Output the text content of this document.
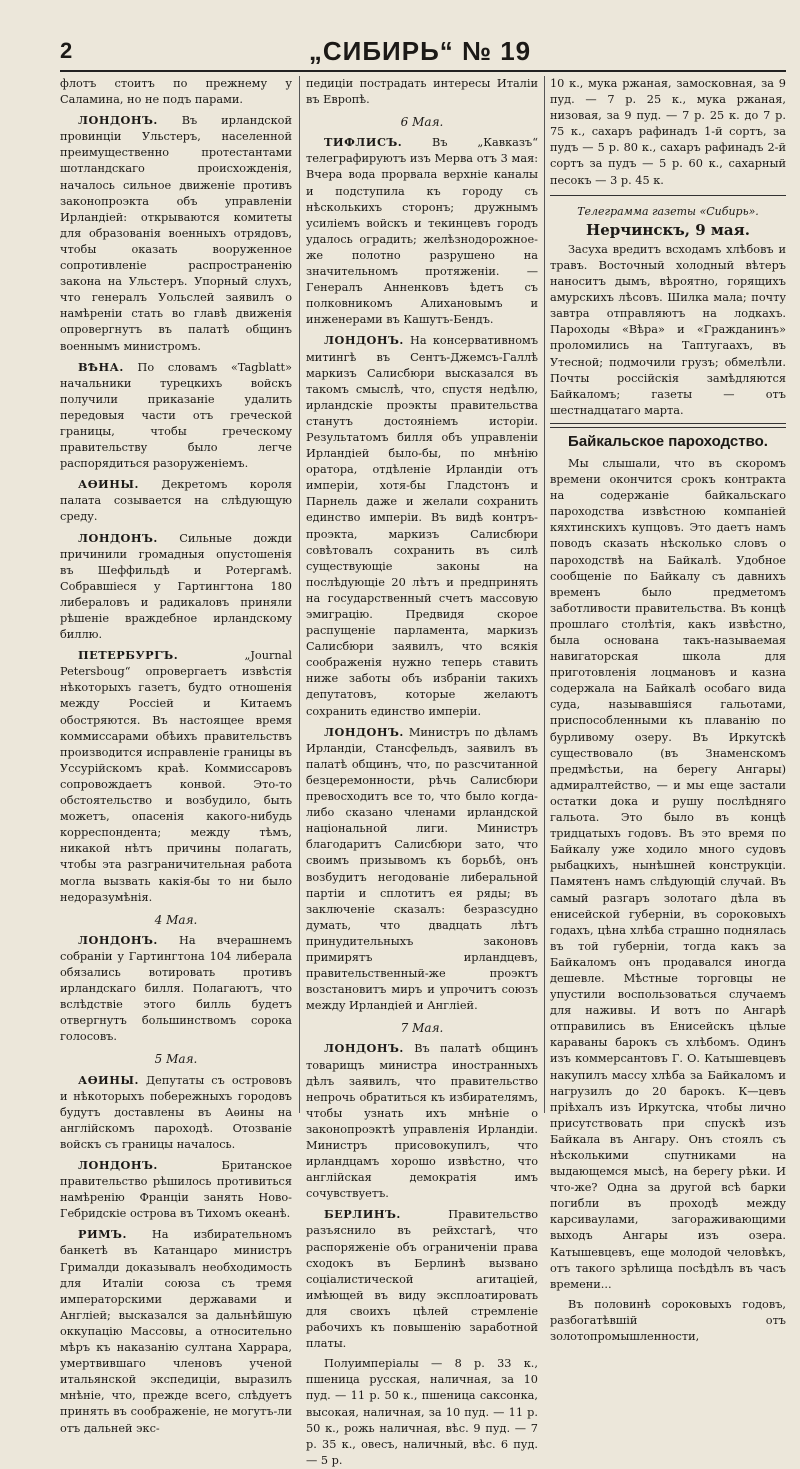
2	„СИБИРЬ“ № 19

флотъ стоитъ по прежнему у Саламина, но не подъ парами.

ЛОНДОНЪ. Въ ирландской провинціи Ульстеръ, населенной преимущественно протестантами шотландскаго происхожденія, началось сильное движеніе противъ законопроэкта объ управленіи Ирландіей: открываются комитеты для образованія военныхъ отрядовъ, чтобы оказать вооруженное сопротивленіе распространенію закона на Ульстеръ. Упорный слухъ, что генералъ Уольслей заявилъ о намѣреніи стать во главѣ движенія опровергнутъ въ палатѣ общинъ военнымъ министромъ.

ВѢНА. По словамъ «Tagblatt» начальники турецкихъ войскъ получили приказаніе удалить передовыя части отъ греческой границы, чтобы греческому правительству было легче распорядиться разоруженіемъ.

АѲИНЫ. Декретомъ короля палата созывается на слѣдующую среду.

ЛОНДОНЪ. Сильные дожди причинили громадныя опустошенія въ Шеффильдѣ и Ротергамѣ. Собравшiеся у Гартингтона 180 либераловъ и радикаловъ приняли рѣшеніе враждебное ирландскому биллю.

ПЕТЕРБУРГЪ.	„Journal Petersboug“ опровергаетъ извѣстія нѣкоторыхъ газетъ, будто отношенія между Россiей и Китаемъ обостряются. Въ настоящее время коммиссарами обѣихъ правительствъ производится исправленіе границы въ Уссурійскомъ краѣ. Коммиссаровъ сопровождаетъ конвой. Это-то обстоятельство и возбудило, быть можетъ, опасенія какого-нибудь корреспондента; между тѣмъ, никакой нѣтъ причины полагать, чтобы эта разграничительная работа могла вызвать какiя-бы то ни было недоразумѣнія.

4 Мая.

ЛОНДОНЪ. На вчерашнемъ собраніи у Гартингтона 104 либерала обязались вотировать противъ ирландскаго билля. Полагаютъ, что вслѣдствіе этого билль будетъ отвергнутъ большинствомъ сорока голосовъ.

5 Мая.

АѲИНЫ. Депутаты съ острововъ и нѣкоторыхъ побережныхъ городовъ будутъ доставлены въ Аѳины на англійскомъ пароходѣ. Отозваніе войскъ съ границы началось.

ЛОНДОНЪ.	Британское правительство рѣшилось противиться намѣренію Франціи занять Ново-Гебридскіе острова въ Тихомъ океанѣ.

РИМЪ. На избирательномъ банкетѣ въ Катанцаро министръ Грималди доказывалъ необходимость для Италіи союза съ тремя императорскими державами и Англіей; высказался за дальнѣйшую оккупацію Массовы, а относительно мѣръ къ наказанію султана Харрара, умертвившаго членовъ ученой итальянской экспедиціи, выразилъ мнѣніе, что, прежде всего, слѣдуетъ принять въ соображеніе, не могутъ-ли отъ дальней экс-

педиціи пострадать интересы Италіи въ Европѣ.

6 Мая.

ТИФЛИСЪ.	Въ „Кавказъ“ телеграфируютъ изъ Мерва отъ 3 мая: Вчера вода прорвала верхніе каналы и подступила къ городу съ нѣсколькихъ сторонъ; дружнымъ усиліемъ войскъ и текинцевъ городъ удалось оградить; желѣзнодорожное-же полотно разрушено на значительномъ протяженіи. — Генералъ Анненковъ ѣдетъ съ полковникомъ Алихановымъ и инженерами въ Кашутъ-Бендъ.

ЛОНДОНЪ. На консервативномъ митингѣ въ Сентъ-Джемсъ-Галлѣ маркизъ Салисбюри высказался въ такомъ смыслѣ, что, спустя недѣлю, ирландскіе проэкты правительства станутъ достояніемъ исторіи. Результатомъ билля объ управленіи Ирландіей было-бы, по мнѣнію оратора, отдѣленіе Ирландіи отъ имперіи, хотя-бы Гладстонъ и Парнель даже и желали сохранить единство имперіи. Въ видѣ контръ-проэкта, маркизъ Салисбюри совѣтовалъ сохранить въ силѣ существующіе законы на послѣдующіе 20 лѣтъ и предпринять на государственный счетъ массовую эмиграцію. Предвидя скорое распущеніе парламента, маркизъ Салисбюри заявилъ, что всякія соображенія нужно теперь ставить ниже заботы объ избраніи такихъ депутатовъ, которые желаютъ сохранить единство имперіи.

ЛОНДОНЪ. Министръ по дѣламъ Ирландіи, Стансфельдъ, заявилъ въ палатѣ общинъ, что, по разсчитанной безцеремонности, рѣчь Салисбюри превосходитъ все то, что было когда-либо сказано членами ирландской національной лиги. Министръ благодаритъ Салисбюри зато, что своимъ призывомъ къ борьбѣ, онъ возбудитъ негодованіе либеральной партіи и сплотитъ ея ряды; въ заключеніе сказалъ: безразсудно думать, что двадцать лѣтъ принудительныхъ законовъ примирятъ ирландцевъ, правительственный-же проэктъ возстановитъ миръ и упрочитъ союзъ между Ирландіей и Англіей.

7 Мая.

ЛОНДОНЪ. Въ палатѣ общинъ товарищъ министра иностранныхъ дѣлъ заявилъ, что правительство непрочь обратиться къ избирателямъ, чтобы узнать ихъ мнѣніе о законопроэктѣ управленія Ирландіи. Министръ присовокупилъ, что ирландцамъ хорошо извѣстно, что англійская демократія имъ сочувствуетъ.

БЕРЛИНЪ.	Правительство разъяснило въ рейхстагѣ, что распоряженіе объ ограниченіи права сходокъ въ Берлинѣ вызвано соціалистической агитаціей, имѣющей въ виду эксплоатировать для своихъ цѣлей стремленіе рабочихъ къ повышенію заработной платы.

Полуимперіалы — 8 р. 33 к., пшеница русская, наличная, за 10 пуд. — 11 р. 50 к., пшеница саксонка, высокая, наличная, за 10 пуд. — 11 р. 50 к., рожь наличная, вѣс. 9 пуд. — 7 р. 35 к., овесъ, наличный, вѣс. 6 пуд. — 5 р.

10 к., мука ржаная, замосковная, за 9 пуд. — 7 р. 25 к., мука ржаная, низовая, за 9 пуд. — 7 р. 25 к. до 7 р. 75 к., сахаръ рафинадъ 1-й сортъ, за пудъ — 5 р. 80 к., сахаръ рафинадъ 2-й сортъ за пудъ — 5 р. 60 к., сахарный песокъ — 3 р. 45 к.

Телеграмма газеты «Сибирь».
Нерчинскъ, 9 мая.

Засуха вредитъ всходамъ хлѣбовъ и травъ. Восточный холодный вѣтеръ наноситъ дымъ, вѣроятно, горящихъ амурскихъ лѣсовъ. Шилка мала; почту завтра отправляютъ на лодкахъ. Пароходы «Вѣра» и «Гражданинъ» проломились на Таптугаахъ, въ Утесной; подмочили грузъ; обмелѣли. Почты россійскія замѣдляются Байкаломъ; газеты — отъ шестнадцатаго марта.

Байкальское пароходство.

Мы слышали, что въ скоромъ времени окончится срокъ контракта на содержаніе байкальскаго пароходства извѣстною компаніей кяхтинскихъ купцовъ. Это даетъ намъ поводъ сказать нѣсколько словъ о пароходствѣ на Байкалѣ. Удобное сообщеніе по Байкалу съ давнихъ временъ было предметомъ заботливости правительства. Въ концѣ прошлаго столѣтія, какъ извѣстно, была основана такъ-называемая навигаторская школа для приготовленія лоцмановъ и казна содержала на Байкалѣ особаго вида суда, называвшіяся гальотами, приспособленными къ плаванію по бурливому озеру. Въ Иркутскѣ существовало (въ Знаменскомъ предмѣстьи, на берегу Ангары) адмиралтейство, — и мы еще застали остатки дока и рушу послѣдняго гальота. Это было въ концѣ тридцатыхъ годовъ. Въ это время по Байкалу уже ходило много судовъ рыбацкихъ, нынѣшней конструкціи. Памятенъ намъ слѣдующій случай. Въ самый разгаръ золотаго дѣла въ енисейской губерніи, въ сороковыхъ годахъ, цѣна хлѣба страшно поднялась въ той губерніи, тогда какъ за Байкаломъ онъ продавался иногда дешевле. Мѣстные торговцы не упустили воспользоваться случаемъ для наживы. И вотъ по Ангарѣ отправились въ Енисейскъ цѣлые караваны барокъ съ хлѣбомъ. Одинъ изъ коммерсантовъ Г. О. Катышевцевъ накупилъ массу хлѣба за Байкаломъ и нагрузилъ до 20 барокъ. К—цевъ пріѣхалъ изъ Иркутска, чтобы лично присутствовать при спускѣ изъ Байкала въ Ангару. Онъ стоялъ съ нѣсколькими спутниками на выдающемся мысѣ, на берегу рѣки. И что-же? Одна за другой всѣ барки погибли въ проходѣ между карсиваулами, загораживающими выходъ Ангары изъ озера. Катышевцевъ, еще молодой человѣкъ, отъ такого зрѣлища посѣдѣлъ въ часъ времени...

Въ половинѣ сороковыхъ годовъ, разбогатѣвшій отъ золотопромышленности,
